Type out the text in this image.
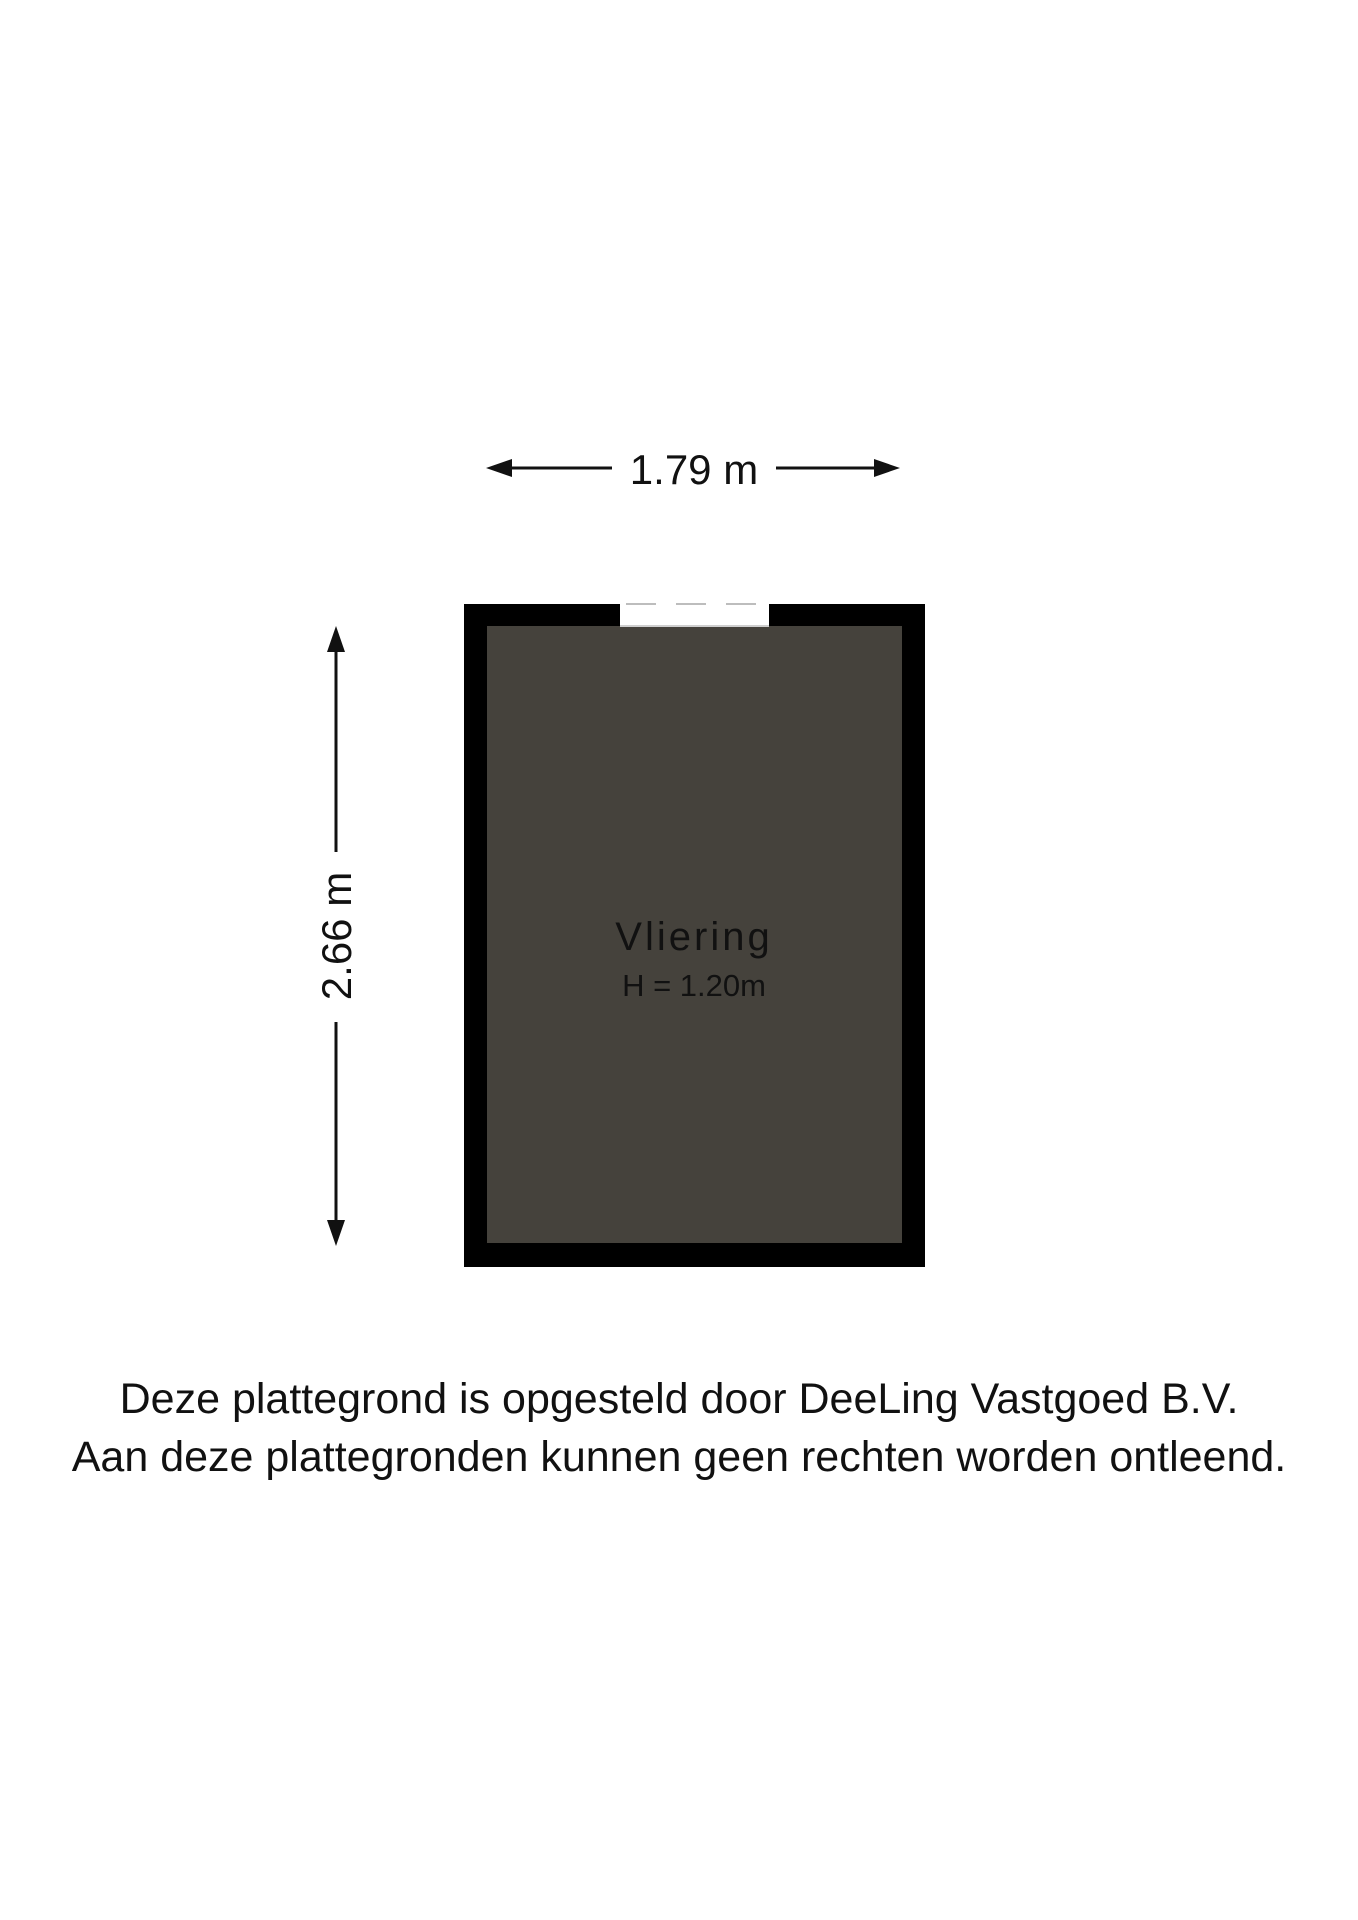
1.79 m
2.66 m	Vliering
H = 1.20m
Deze plattegrond is opgesteld door DeeLing Vastgoed B.V.
Aan deze plattegronden kunnen geen rechten worden ontleend.
